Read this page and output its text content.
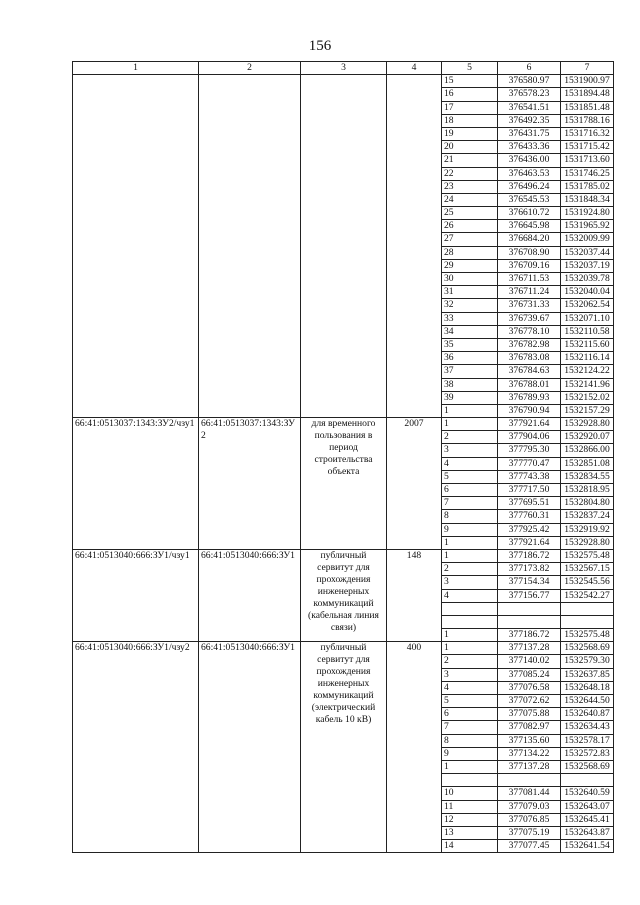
156
1	2	3	4	5	6	7
				15	376580.97	1531900.97
				16	376578.23	1531894.48
				17	376541.51	1531851.48
				18	376492.35	1531788.16
				19	376431.75	1531716.32
				20	376433.36	1531715.42
				21	376436.00	1531713.60
				22	376463.53	1531746.25
				23	376496.24	1531785.02
				24	376545.53	1531848.34
				25	376610.72	1531924.80
				26	376645.98	1531965.92
				27	376684.20	1532009.99
				28	376708.90	1532037.44
				29	376709.16	1532037.19
				30	376711.53	1532039.78
				31	376711.24	1532040.04
				32	376731.33	1532062.54
				33	376739.67	1532071.10
				34	376778.10	1532110.58
				35	376782.98	1532115.60
				36	376783.08	1532116.14
				37	376784.63	1532124.22
				38	376788.01	1532141.96
				39	376789.93	1532152.02
				1	376790.94	1532157.29
66:41:0513037:1343:ЗУ2/чзу1	66:41:0513037:1343:ЗУ2	для временного пользования в период строительства объекта	2007	1	377921.64	1532928.80
				2	377904.06	1532920.07
				3	377795.30	1532866.00
				4	377770.47	1532851.08
				5	377743.38	1532834.55
				6	377717.50	1532818.95
				7	377695.51	1532804.80
				8	377760.31	1532837.24
				9	377925.42	1532919.92
				1	377921.64	1532928.80
66:41:0513040:666:ЗУ1/чзу1	66:41:0513040:666:ЗУ1	публичный сервитут для прохождения инженерных коммуникаций (кабельная линия связи)	148	1	377186.72	1532575.48
				2	377173.82	1532567.15
				3	377154.34	1532545.56
				4	377156.77	1532542.27

				1	377186.72	1532575.48
66:41:0513040:666:ЗУ1/чзу2	66:41:0513040:666:ЗУ1	публичный сервитут для прохождения инженерных коммуникаций (электрический кабель 10 кВ)	400	1	377137.28	1532568.69
				2	377140.02	1532579.30
				3	377085.24	1532637.85
				4	377076.58	1532648.18
				5	377072.62	1532644.50
				6	377075.88	1532640.87
				7	377082.97	1532634.43
				8	377135.60	1532578.17
				9	377134.22	1532572.83
				1	377137.28	1532568.69

				10	377081.44	1532640.59
				11	377079.03	1532643.07
				12	377076.85	1532645.41
				13	377075.19	1532643.87
				14	377077.45	1532641.54
